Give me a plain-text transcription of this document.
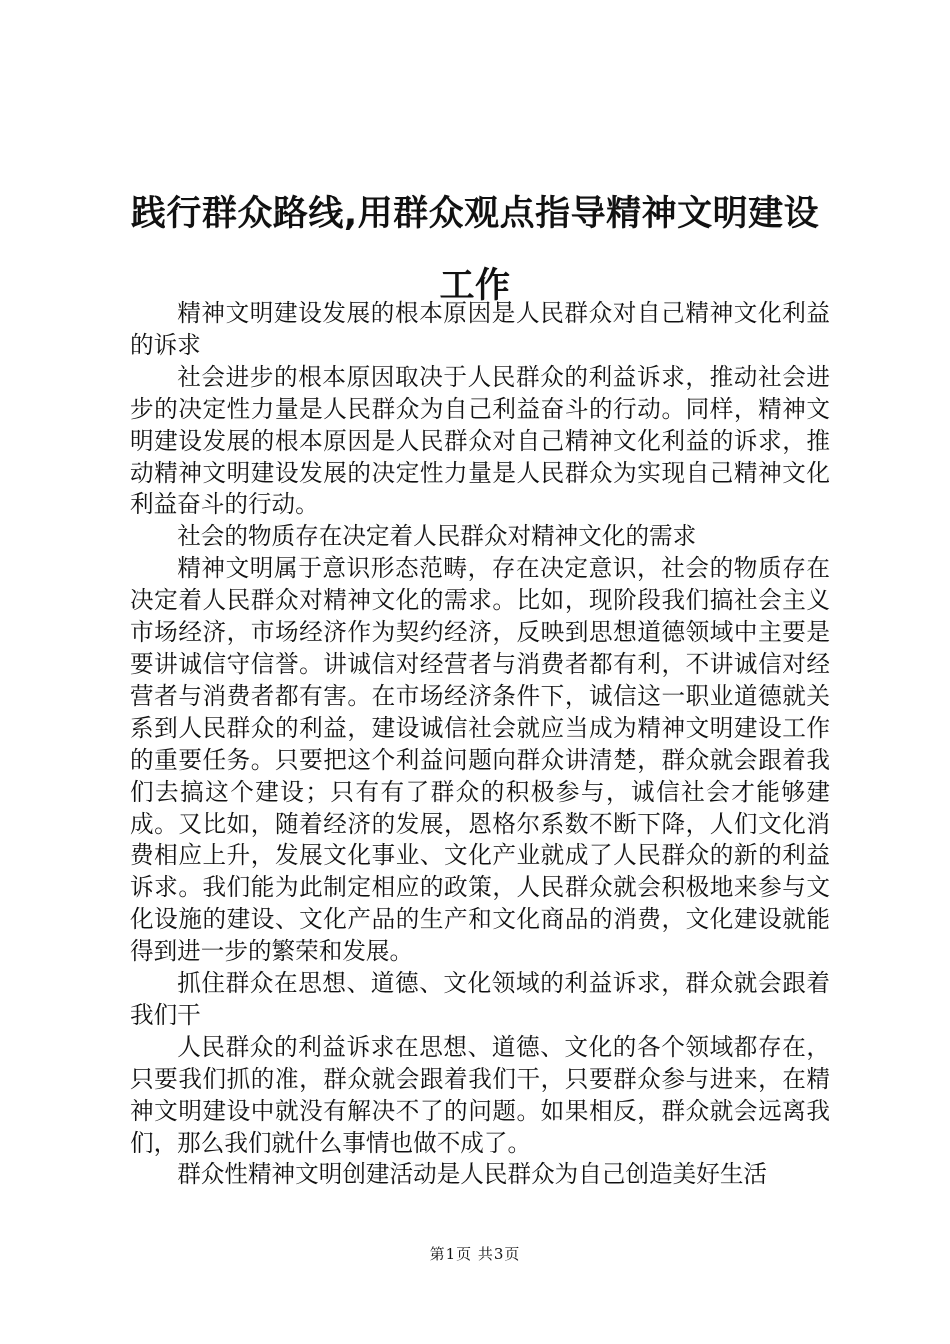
践行群众路线,用群众观点指导精神文明建设
工作

精神文明建设发展的根本原因是人民群众对自己精神文化利益的诉求

社会进步的根本原因取决于人民群众的利益诉求，推动社会进步的决定性力量是人民群众为自己利益奋斗的行动。同样，精神文明建设发展的根本原因是人民群众对自己精神文化利益的诉求，推动精神文明建设发展的决定性力量是人民群众为实现自己精神文化利益奋斗的行动。

社会的物质存在决定着人民群众对精神文化的需求

精神文明属于意识形态范畴，存在决定意识，社会的物质存在决定着人民群众对精神文化的需求。比如，现阶段我们搞社会主义市场经济，市场经济作为契约经济，反映到思想道德领域中主要是要讲诚信守信誉。讲诚信对经营者与消费者都有利，不讲诚信对经营者与消费者都有害。在市场经济条件下，诚信这一职业道德就关系到人民群众的利益，建设诚信社会就应当成为精神文明建设工作的重要任务。只要把这个利益问题向群众讲清楚，群众就会跟着我们去搞这个建设；只有有了群众的积极参与，诚信社会才能够建成。又比如，随着经济的发展，恩格尔系数不断下降，人们文化消费相应上升，发展文化事业、文化产业就成了人民群众的新的利益诉求。我们能为此制定相应的政策，人民群众就会积极地来参与文化设施的建设、文化产品的生产和文化商品的消费，文化建设就能得到进一步的繁荣和发展。

抓住群众在思想、道德、文化领域的利益诉求，群众就会跟着我们干

人民群众的利益诉求在思想、道德、文化的各个领域都存在，只要我们抓的准，群众就会跟着我们干，只要群众参与进来，在精神文明建设中就没有解决不了的问题。如果相反，群众就会远离我们，那么我们就什么事情也做不成了。

群众性精神文明创建活动是人民群众为自己创造美好生活

第1页 共3页
